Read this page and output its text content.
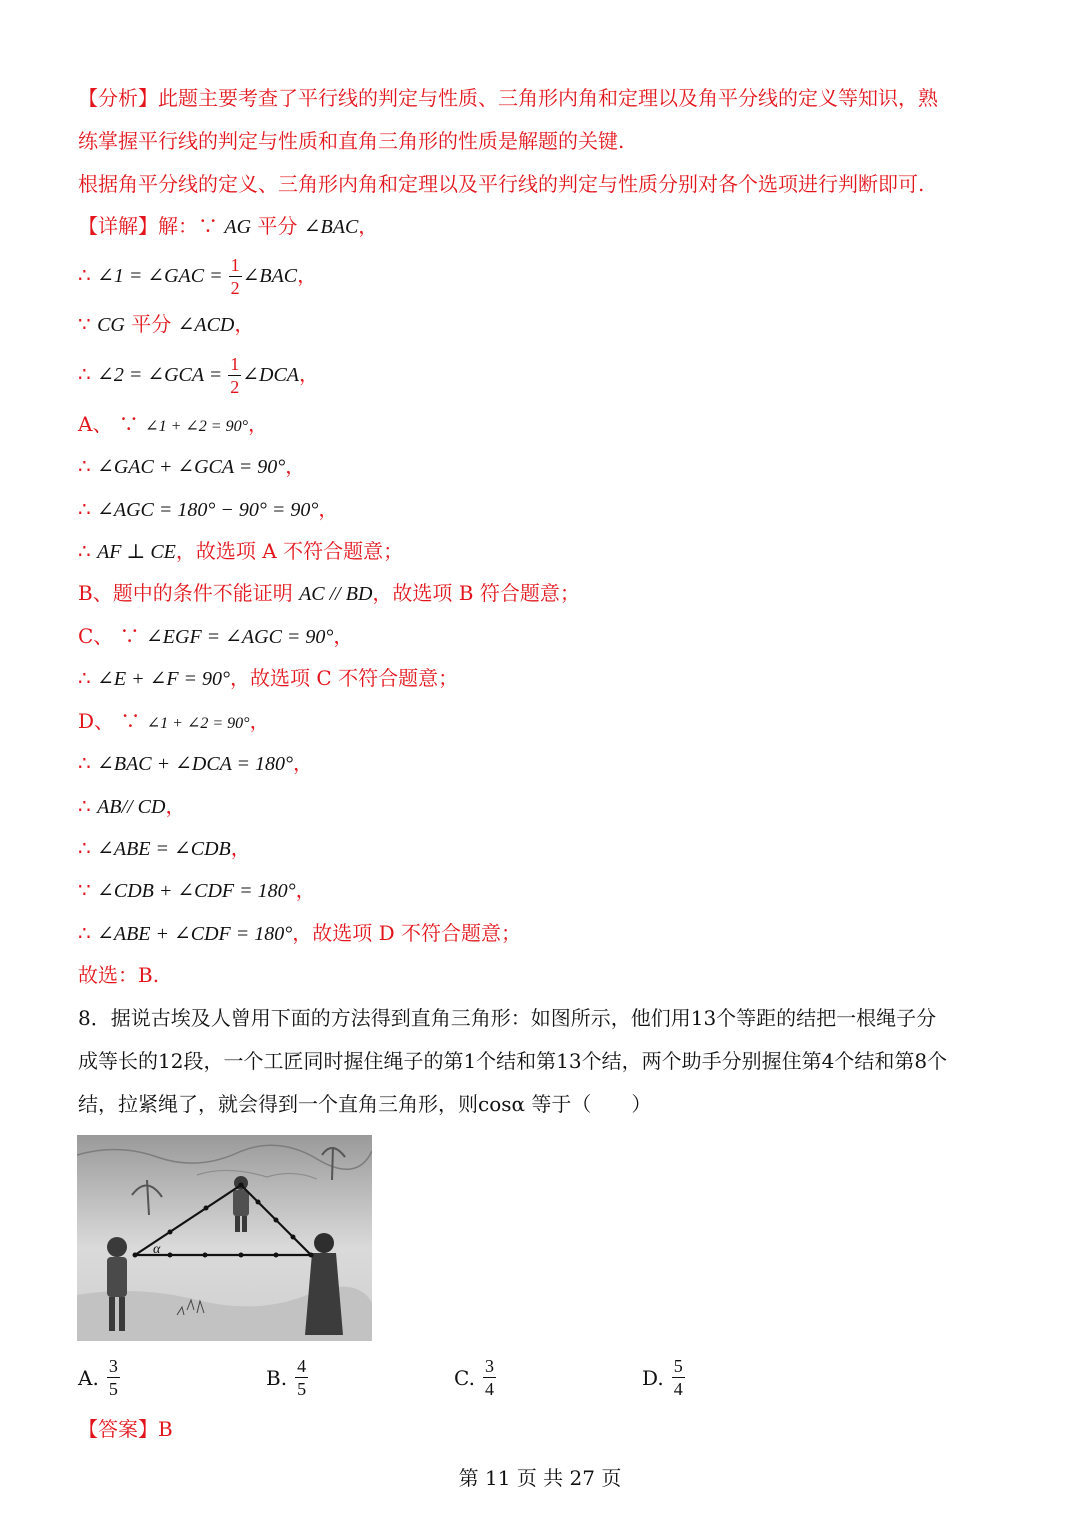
【分析】此题主要考查了平行线的判定与性质、三角形内角和定理以及角平分线的定义等知识，熟
练掌握平行线的判定与性质和直角三角形的性质是解题的关键.
根据角平分线的定义、三角形内角和定理以及平行线的判定与性质分别对各个选项进行判断即可.
【详解】解：∵ AG 平分 ∠BAC，
∴ ∠1 = ∠GAC = $\frac{1}{2}$ ∠BAC，
∵ CG 平分 ∠ACD，
∴ ∠2 = ∠GCA = $\frac{1}{2}$ ∠DCA，
A、 ∵ ∠1 + ∠2 = 90°，
∴ ∠GAC + ∠GCA = 90°，
∴ ∠AGC = 180° − 90° = 90°，
∴ AF ⊥ CE，故选项 A 不符合题意；
B、题中的条件不能证明 AC // BD，故选项 B 符合题意；
C、 ∵ ∠EGF = ∠AGC = 90°，
∴ ∠E + ∠F = 90°，故选项 C 不符合题意；
D、 ∵ ∠1 + ∠2 = 90°，
∴ ∠BAC + ∠DCA = 180°，
∴ AB// CD，
∴ ∠ABE = ∠CDB，
∵ ∠CDB + ∠CDF = 180°，
∴ ∠ABE + ∠CDF = 180°，故选项 D 不符合题意；
故选：B.
8．据说古埃及人曾用下面的方法得到直角三角形：如图所示，他们用13个等距的结把一根绳子分
成等长的12段，一个工匠同时握住绳子的第1个结和第13个结，两个助手分别握住第4个结和第8个
结，拉紧绳了，就会得到一个直角三角形，则cosα 等于（　　）
α
A. $\frac{3}{5}$	B. $\frac{4}{5}$	C. $\frac{3}{4}$	D. $\frac{5}{4}$
【答案】B
第 11 页 共 27 页
